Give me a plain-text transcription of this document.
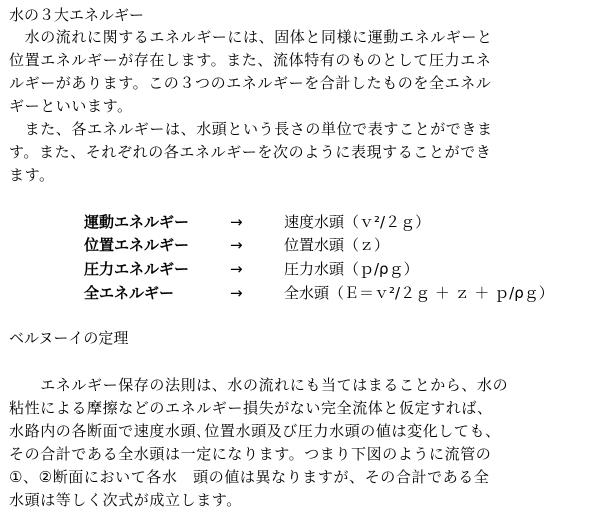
水の３大エネルギー
　水の流れに関するエネルギーには、固体と同様に運動エネルギーと
位置エネルギーが存在します。また、流体特有のものとして圧力エネ
ルギーがあります。この３つのエネルギーを合計したものを全エネル
ギーといいます。
　また、各エネルギーは、水頭という長さの単位で表すことができま
す。また、それぞれの各エネルギーを次のように表現することができ
ます。
運動エネルギー	→	速度水頭（ｖ²/２ｇ）
位置エネルギー	→	位置水頭（ｚ）
圧力エネルギー	→	圧力水頭（ｐ/ρｇ）
全エネルギー	→	全水頭（Ｅ＝ｖ²/２ｇ ＋ ｚ ＋ ｐ/ρｇ）
ベルヌーイの定理
　　エネルギー保存の法則は、水の流れにも当てはまることから、水の
粘性による摩擦などのエネルギー損失がない完全流体と仮定すれば、
水路内の各断面で速度水頭､位置水頭及び圧力水頭の値は変化しても、
その合計である全水頭は一定になります。つまり下図のように流管の
①、②断面において各水　頭の値は異なりますが、その合計である全
水頭は等しく次式が成立します。
